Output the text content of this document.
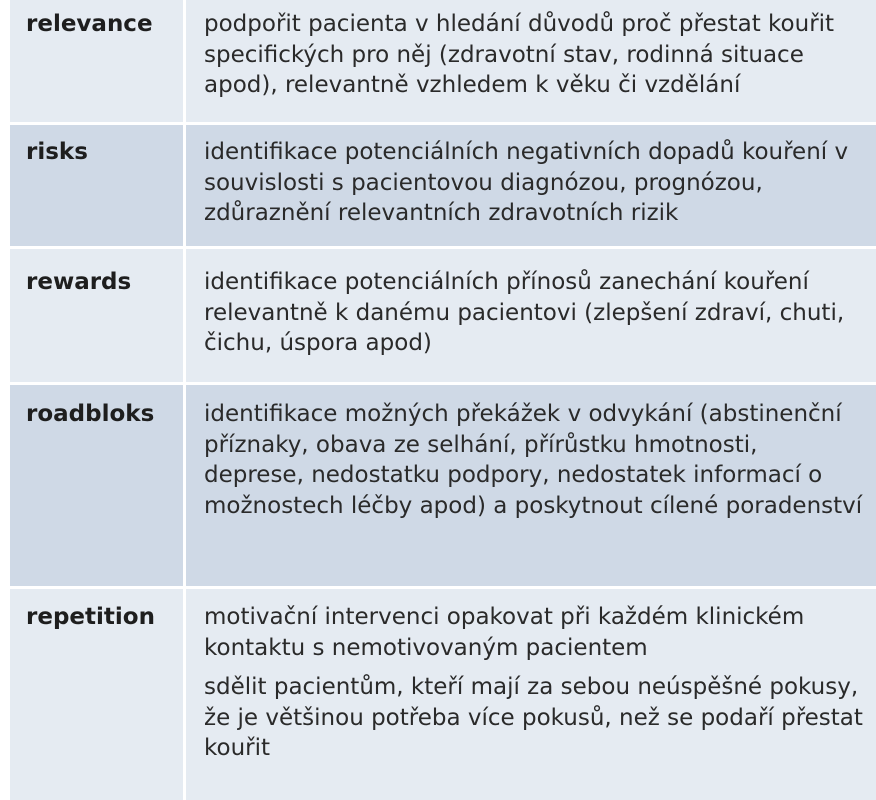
relevance podpořit pacienta v hledání důvodů proč přestat kouřit specifických pro něj (zdravotní stav, rodinná situace apod), relevantně vzhledem k věku či vzdělání

risks	identifikace potenciálních negativních dopadů kouření v souvislosti s pacientovou diagnózou, prognózou, zdůraznění relevantních zdravotních rizik

rewards	identifikace potenciálních přínosů zanechání kouření relevantně k danému pacientovi (zlepšení zdraví, chuti, čichu, úspora apod)

roadbloks identifikace možných překážek v odvykání (abstinenční příznaky, obava ze selhání, přírůstku hmotnosti, deprese, nedostatku podpory, nedostatek informací o možnostech léčby apod) a poskytnout cílené poradenství

repetition motivační intervenci opakovat při každém klinickém kontaktu s nemotivovaným pacientem

sdělit pacientům, kteří mají za sebou neúspěšné pokusy, že je většinou potřeba více pokusů, než se podaří přestat kouřit
